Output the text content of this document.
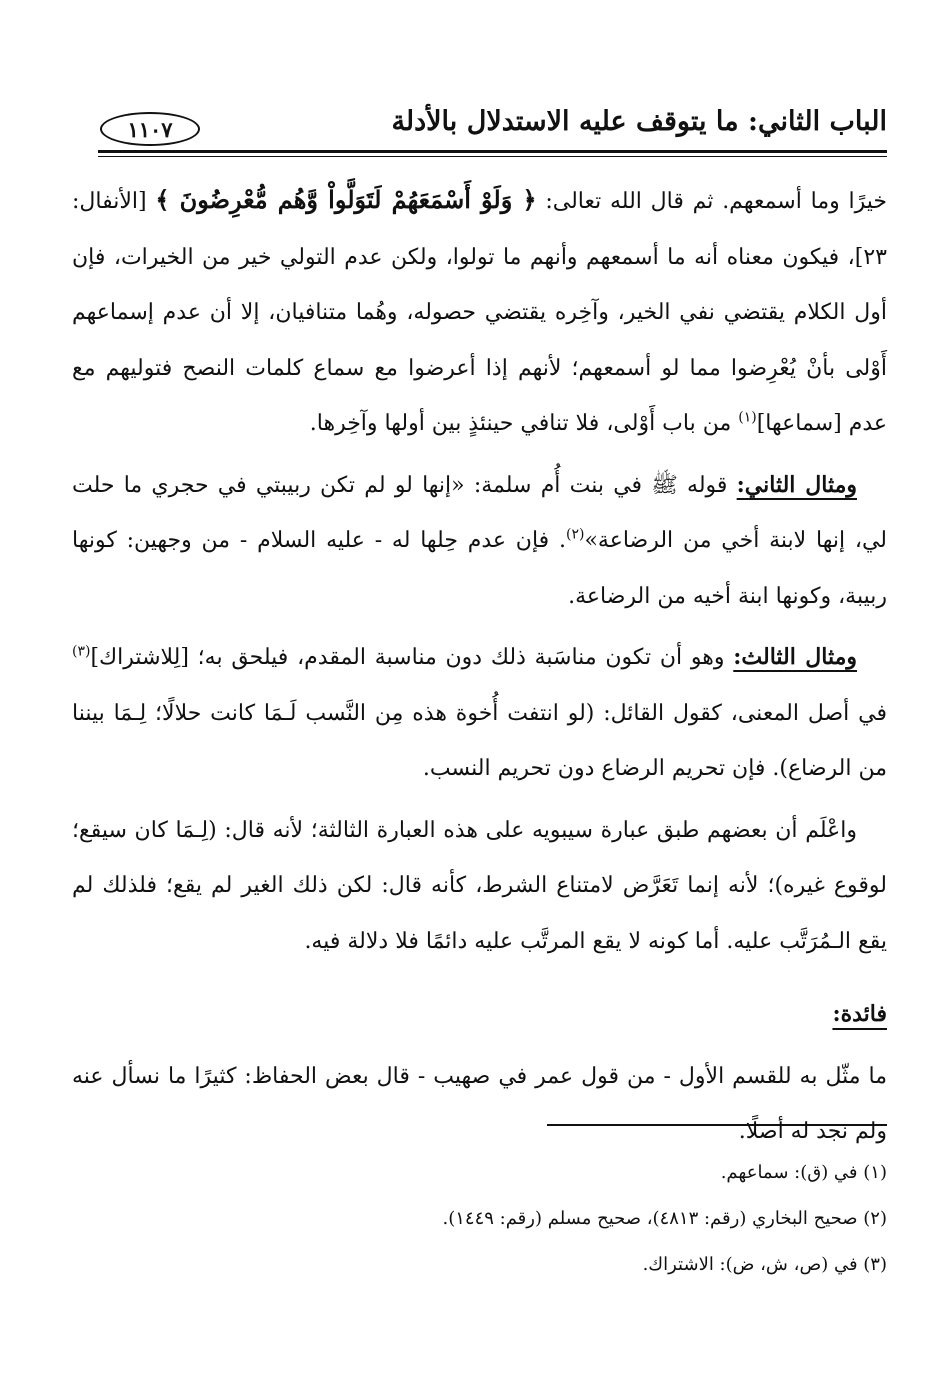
الباب الثاني: ما يتوقف عليه الاستدلال بالأدلة
١١٠٧

خيرًا وما أسمعهم. ثم قال الله تعالى: ﴿ وَلَوْ أَسْمَعَهُمْ لَتَوَلَّواْ وَّهُم مُّعْرِضُونَ ﴾ [الأنفال: ٢٣]، فيكون معناه أنه ما أسمعهم وأنهم ما تولوا، ولكن عدم التولي خير من الخيرات، فإن أول الكلام يقتضي نفي الخير، وآخِره يقتضي حصوله، وهُما متنافيان، إلا أن عدم إسماعهم أَوْلى بأنْ يُعْرِضوا مما لو أسمعهم؛ لأنهم إذا أعرضوا مع سماع كلمات النصح فتوليهم مع عدم [سماعها]$^{(١)}$ من باب أَوْلى، فلا تنافي حينئذٍ بين أولها وآخِرها.

ومثال الثاني: قوله ﷺ في بنت أُم سلمة: «إنها لو لم تكن ربيبتي في حجري ما حلت لي، إنها لابنة أخي من الرضاعة»$^{(٢)}$. فإن عدم حِلها له - عليه السلام - من وجهين: كونها ربيبة، وكونها ابنة أخيه من الرضاعة.

ومثال الثالث: وهو أن تكون مناسَبة ذلك دون مناسبة المقدم، فيلحق به؛ [لِلاشتراك]$^{(٣)}$ في أصل المعنى، كقول القائل: (لو انتفت أُخوة هذه مِن النَّسب لَـمَا كانت حلالًا؛ لِـمَا بيننا من الرضاع). فإن تحريم الرضاع دون تحريم النسب.

واعْلَم أن بعضهم طبق عبارة سيبويه على هذه العبارة الثالثة؛ لأنه قال: (لِـمَا كان سيقع؛ لوقوع غيره)؛ لأنه إنما تَعَرَّض لامتناع الشرط، كأنه قال: لكن ذلك الغير لم يقع؛ فلذلك لم يقع الـمُرَتَّب عليه. أما كونه لا يقع المرتَّب عليه دائمًا فلا دلالة فيه.

فائدة:

ما مثّل به للقسم الأول - من قول عمر في صهيب - قال بعض الحفاظ: كثيرًا ما نسأل عنه ولم نجد له أصلًا.

(١) في (ق): سماعهم.
(٢) صحيح البخاري (رقم: ٤٨١٣)، صحيح مسلم (رقم: ١٤٤٩).
(٣) في (ص، ش، ض): الاشتراك.
